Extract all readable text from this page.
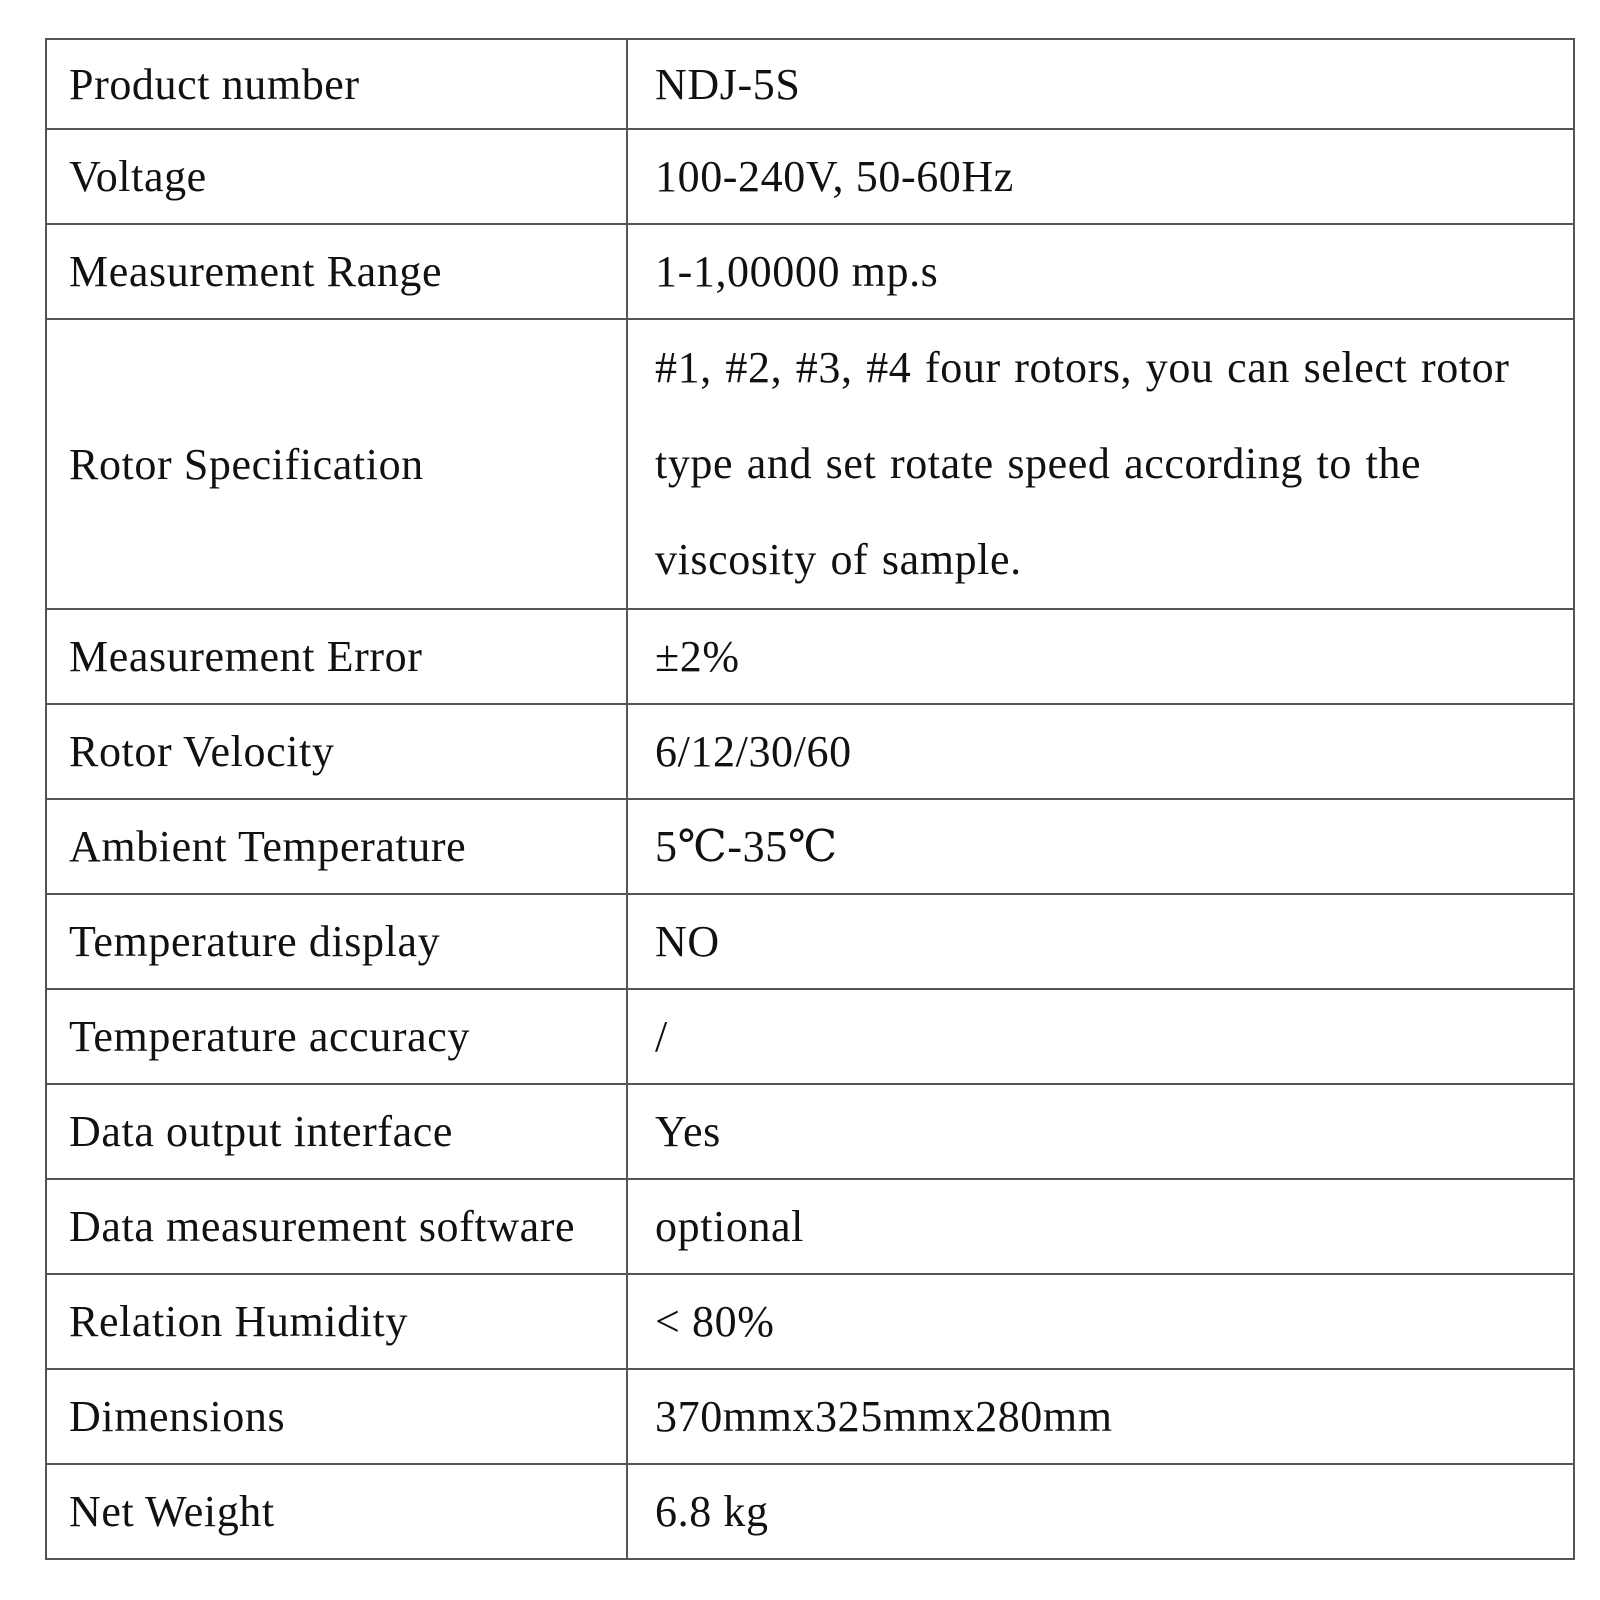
Product number	NDJ-5S
Voltage	100-240V, 50-60Hz
Measurement Range	1-1,00000 mp.s
Rotor Specification	#1, #2, #3, #4 four rotors, you can select rotor type and set rotate speed according to the viscosity of sample.
Measurement Error	±2%
Rotor Velocity	6/12/30/60
Ambient Temperature	5℃-35℃
Temperature display	NO
Temperature accuracy	/
Data output interface	Yes
Data measurement software	optional
Relation Humidity	< 80%
Dimensions	370mmx325mmx280mm
Net Weight	6.8 kg
